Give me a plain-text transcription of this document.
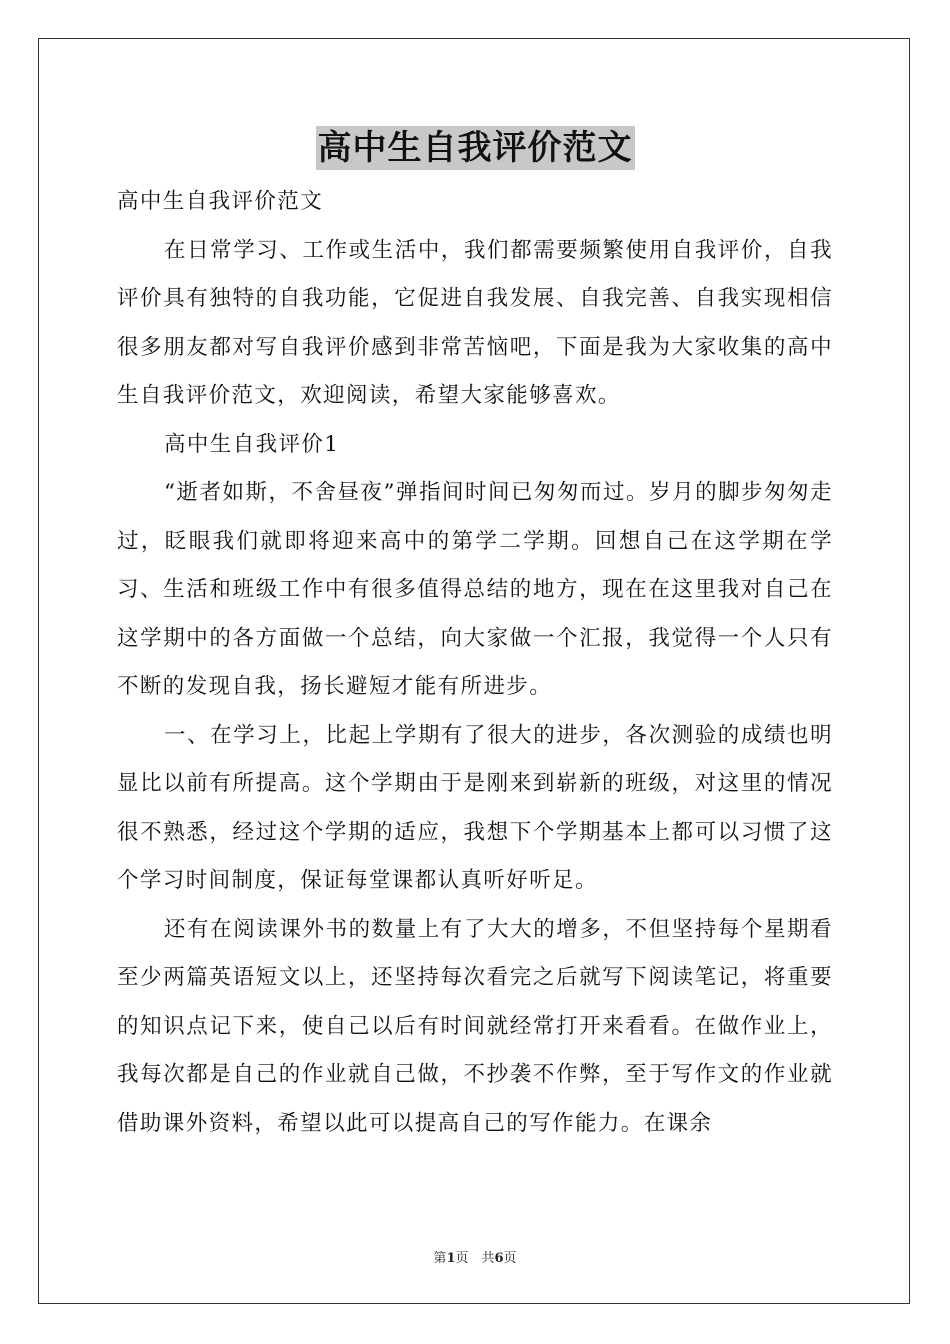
高中生自我评价范文

高中生自我评价范文

在日常学习、工作或生活中，我们都需要频繁使用自我评价，自我评价具有独特的自我功能，它促进自我发展、自我完善、自我实现相信很多朋友都对写自我评价感到非常苦恼吧，下面是我为大家收集的高中生自我评价范文，欢迎阅读，希望大家能够喜欢。

高中生自我评价1

“逝者如斯，不舍昼夜”弹指间时间已匆匆而过。岁月的脚步匆匆走过，眨眼我们就即将迎来高中的第学二学期。回想自己在这学期在学习、生活和班级工作中有很多值得总结的地方，现在在这里我对自己在这学期中的各方面做一个总结，向大家做一个汇报，我觉得一个人只有不断的发现自我，扬长避短才能有所进步。

一、在学习上，比起上学期有了很大的进步，各次测验的成绩也明显比以前有所提高。这个学期由于是刚来到崭新的班级，对这里的情况很不熟悉，经过这个学期的适应，我想下个学期基本上都可以习惯了这个学习时间制度，保证每堂课都认真听好听足。

还有在阅读课外书的数量上有了大大的增多，不但坚持每个星期看至少两篇英语短文以上，还坚持每次看完之后就写下阅读笔记，将重要的知识点记下来，使自己以后有时间就经常打开来看看。在做作业上，我每次都是自己的作业就自己做，不抄袭不作弊，至于写作文的作业就借助课外资料，希望以此可以提高自己的写作能力。在课余

第1页　共6页
